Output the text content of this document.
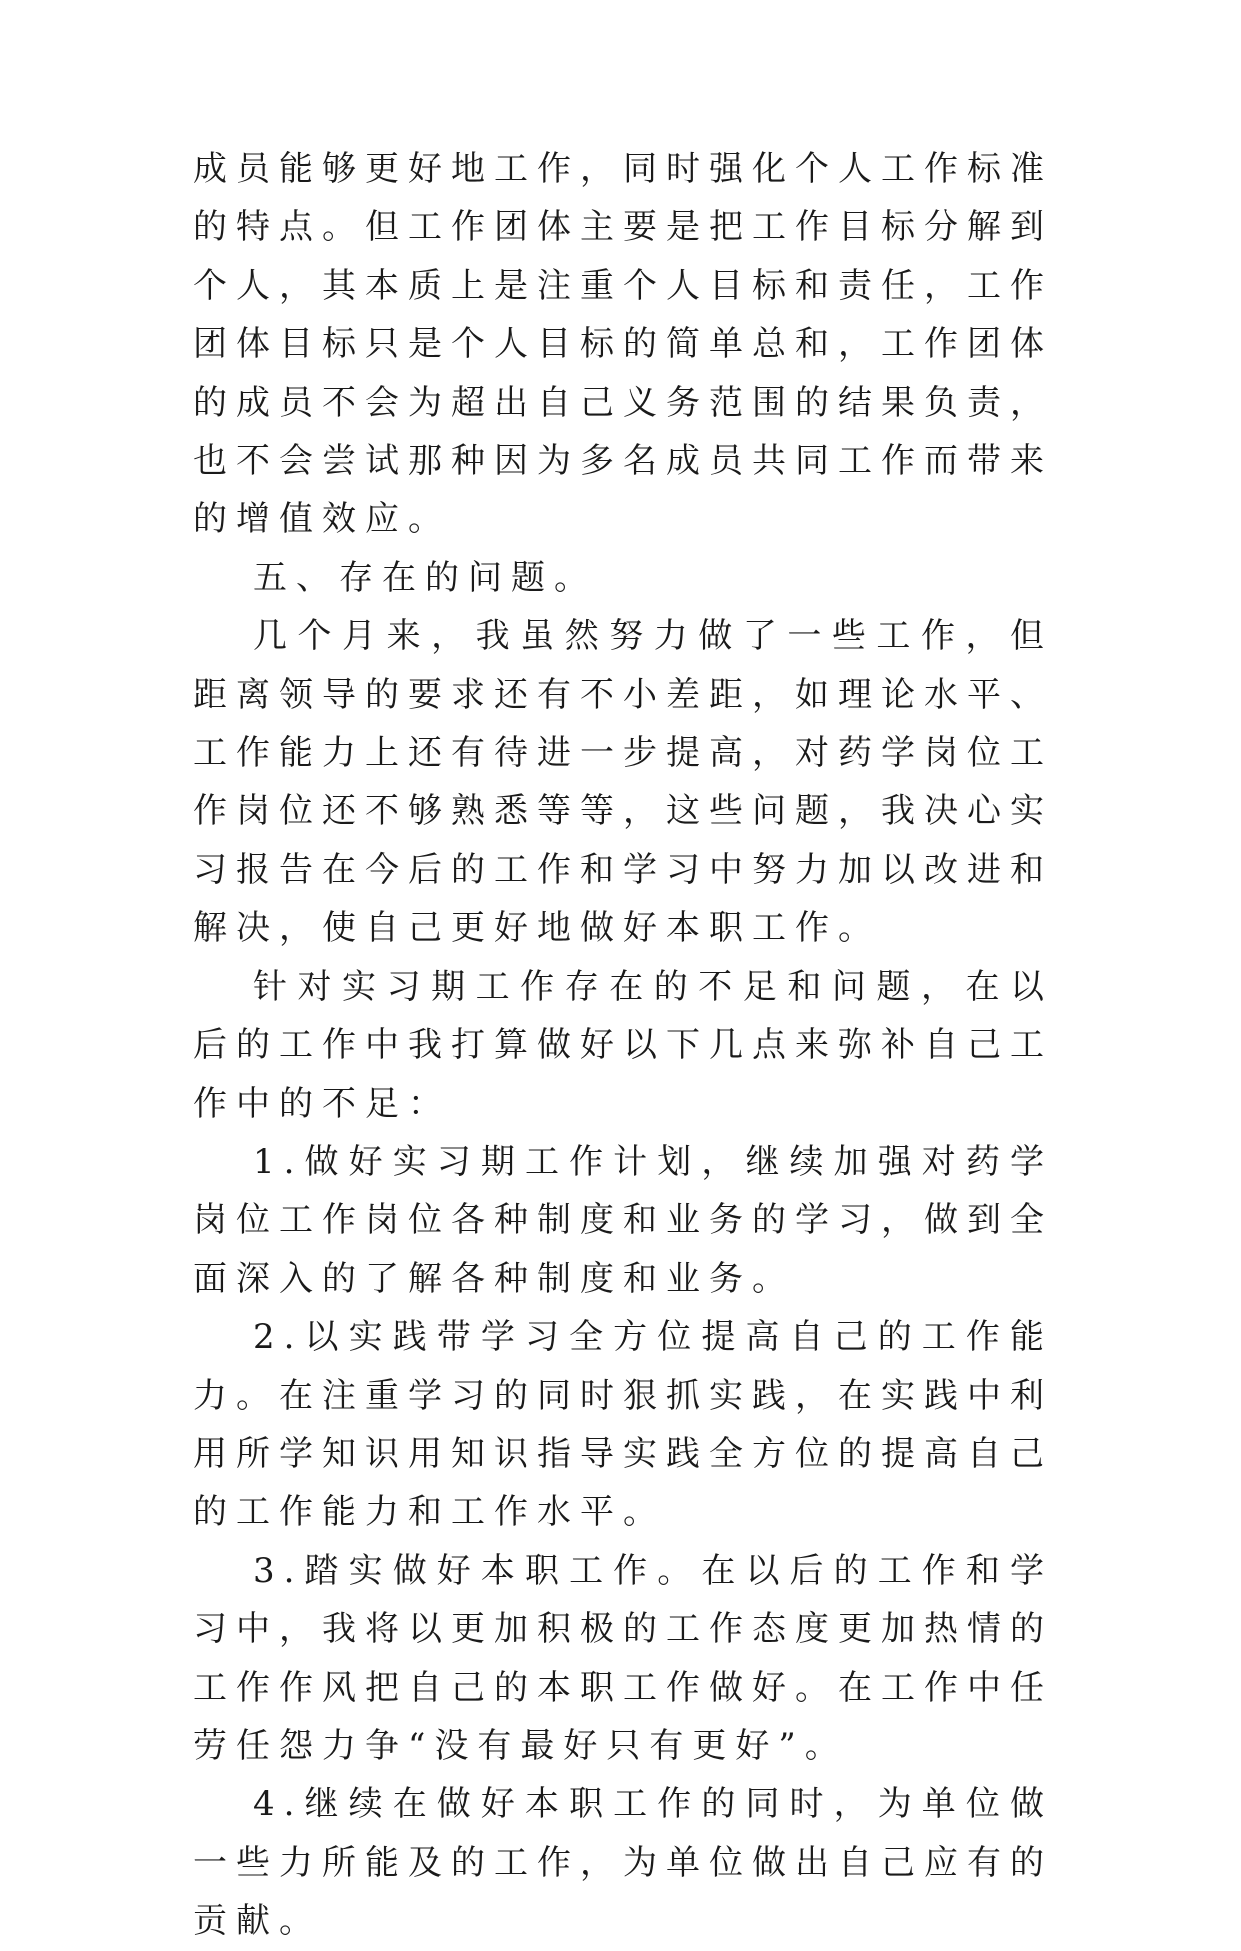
成员能够更好地工作，同时强化个人工作标准的特点。但工作团体主要是把工作目标分解到个人，其本质上是注重个人目标和责任，工作团体目标只是个人目标的简单总和，工作团体的成员不会为超出自己义务范围的结果负责，也不会尝试那种因为多名成员共同工作而带来的增值效应。

五、存在的问题。

几个月来，我虽然努力做了一些工作，但距离领导的要求还有不小差距，如理论水平、工作能力上还有待进一步提高，对药学岗位工作岗位还不够熟悉等等，这些问题，我决心实习报告在今后的工作和学习中努力加以改进和解决，使自己更好地做好本职工作。

针对实习期工作存在的不足和问题，在以后的工作中我打算做好以下几点来弥补自己工作中的不足：

1.做好实习期工作计划，继续加强对药学岗位工作岗位各种制度和业务的学习，做到全面深入的了解各种制度和业务。

2.以实践带学习全方位提高自己的工作能力。在注重学习的同时狠抓实践，在实践中利用所学知识用知识指导实践全方位的提高自己的工作能力和工作水平。

3.踏实做好本职工作。在以后的工作和学习中，我将以更加积极的工作态度更加热情的工作作风把自己的本职工作做好。在工作中任劳任怨力争“没有最好只有更好”。

4.继续在做好本职工作的同时，为单位做一些力所能及的工作，为单位做出自己应有的贡献。
